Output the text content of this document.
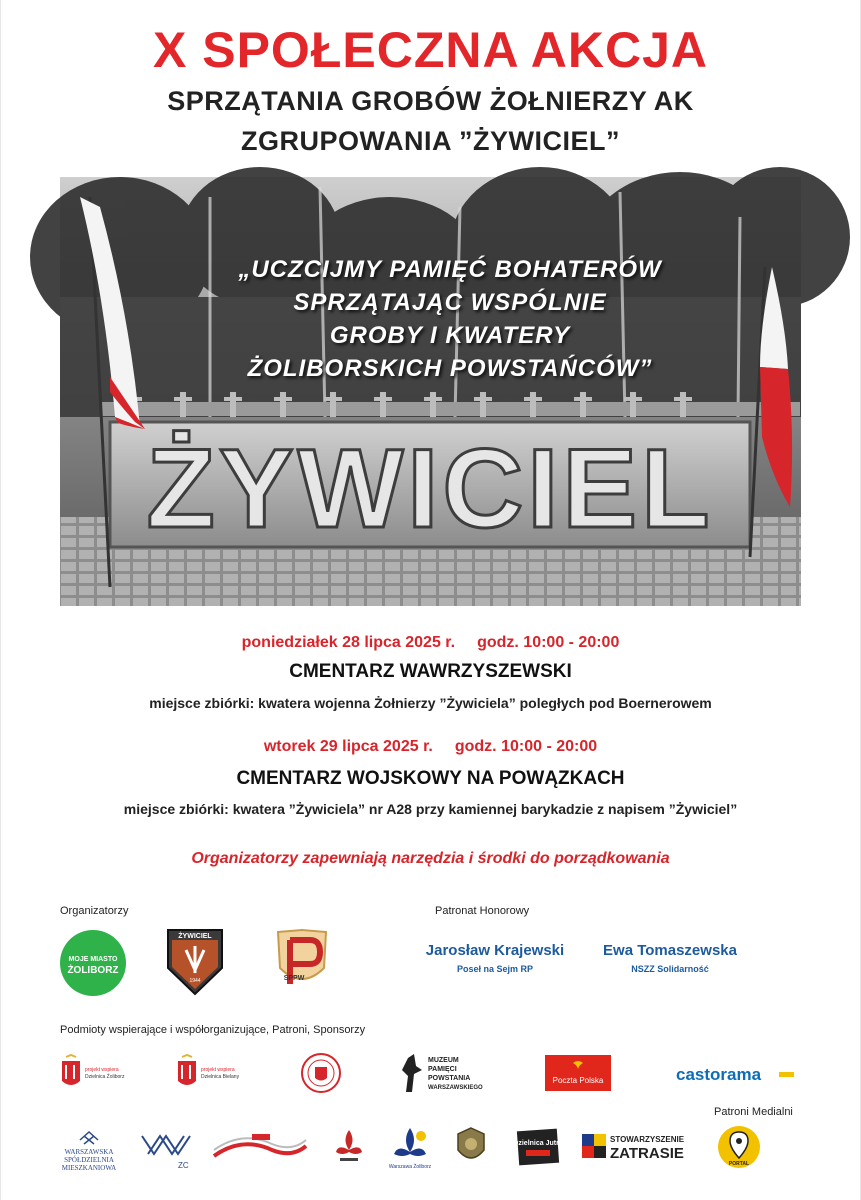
X SPOŁECZNA AKCJA
SPRZĄTANIA GROBÓW ŻOŁNIERZY AK
ZGRUPOWANIA ”ŻYWICIEL”
ŻYWICIEL
„UCZCIJMY PAMIĘĆ BOHATERÓW
SPRZĄTAJĄC WSPÓLNIE
GROBY I KWATERY
ŻOLIBORSKICH POWSTAŃCÓW”
poniedziałek 28 lipca 2025 r. godz. 10:00 - 20:00
CMENTARZ WAWRZYSZEWSKI
miejsce zbiórki: kwatera wojenna Żołnierzy ”Żywiciela” poległych pod Boernerowem
wtorek 29 lipca 2025 r. godz. 10:00 - 20:00
CMENTARZ WOJSKOWY NA POWĄZKACH
miejsce zbiórki: kwatera ”Żywiciela” nr A28 przy kamiennej barykadzie z napisem ”Żywiciel”
Organizatorzy zapewniają narzędzia i środki do porządkowania
Organizatorzy
MOJE MIASTO
ŻOLIBORZ
ŻYWICIEL
1944	SPPW
Patronat Honorowy
Jarosław Krajewski
Poseł na Sejm RP
Ewa Tomaszewska
NSZZ Solidarność
Podmioty wspierające i współorganizujące, Patroni, Sponsorzy
projekt wspiera
Dzielnica Żoliborz
projekt wspiera
Dzielnica Bielany
MUZEUM
PAMIĘCI
POWSTANIA
WARSZAWSKIEGO
Poczta Polska	castorama
Patroni Medialni
WARSZAWSKA
SPÓŁDZIELNIA
MIESZKANIOWA	ZC	Warszawa Żoliborz
Dzielnica Jutra	STOWARZYSZENIE
ZATRASIE
PORTAL
